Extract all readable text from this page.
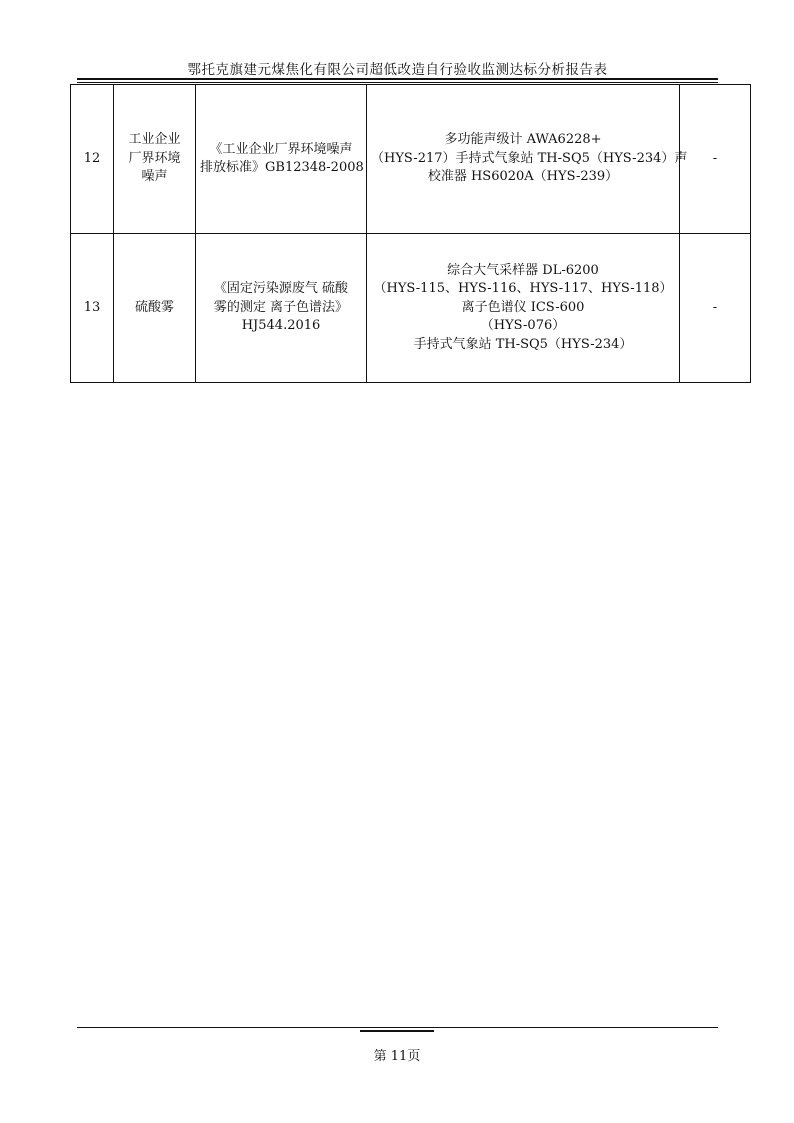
鄂托克旗建元煤焦化有限公司超低改造自行验收监测达标分析报告表
12	工业企业
厂界环境
噪声	《工业企业厂界环境噪声
排放标准》GB12348-2008	多功能声级计 AWA6228+
（HYS-217）手持式气象站 TH-SQ5（HYS-234）声
校准器 HS6020A（HYS-239）	-
13	硫酸雾	《固定污染源废气 硫酸
雾的测定 离子色谱法》
HJ544.2016	综合大气采样器 DL-6200
（HYS-115、HYS-116、HYS-117、HYS-118）
离子色谱仪 ICS-600
（HYS-076）
手持式气象站 TH-SQ5（HYS-234）	-
第 11页
